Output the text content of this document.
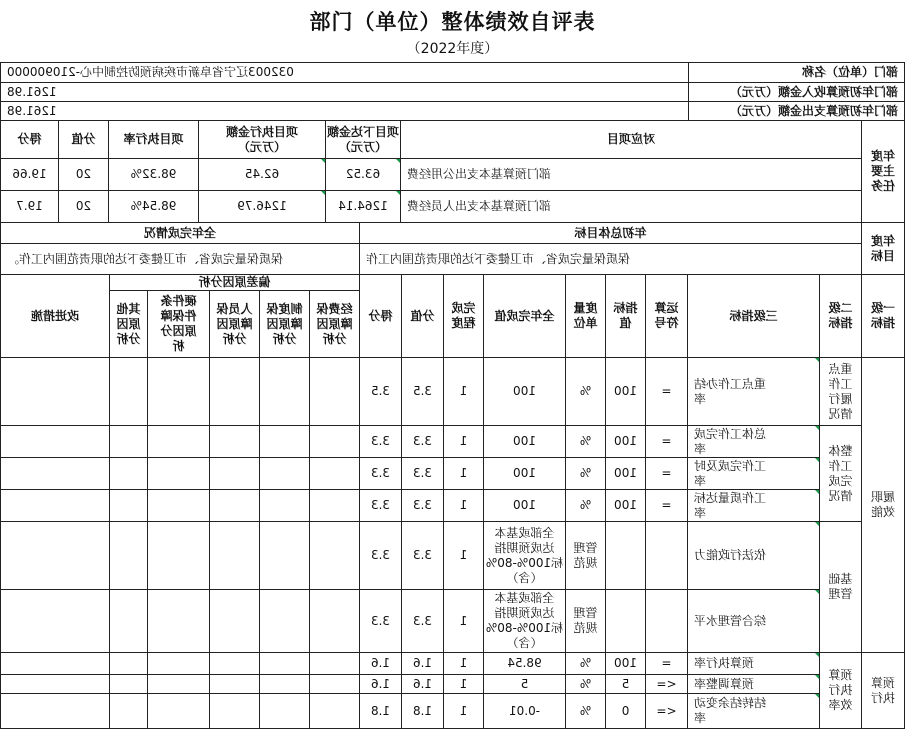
部门（单位）整体绩效自评表
（2022年度）
部门（单位）名称
032003辽宁省阜新市疾病预防控制中心-210900000
部门年初预算收入金额（万元）
1261.98
部门年初预算支出金额（万元）
1261.98
年度
主要
任务
对应项目
项目下达金额
（万元）
项目执行金额
（万元）
项目执行率
分值
得分
部门预算基本支出公用经费
63.52
62.45
98.32%
20
19.66
部门预算基本支出人员经费
1264.14
1246.79
98.54%
20
19.7
年度
目标
年初总体目标
全年完成情况
保质保量完成省、市卫健委下达的职责范围内工作
保质保量完成省、市卫健委下达的职责范围内工作。
一级
指标
二级
指标
三级指标
运算
符号
指标
值
度量
单位
全年完成值
完成
程度
分值
得分
偏差原因分析
经费保
障原因
分析
制度保
障原因
分析
人员保
障原因
分析
硬件条
件保障
原因分
析
其他
原因
分析
改进措施
履职
效能
预算
执行
重点
工作
履行
情况
整体
工作
完成
情况
基础
管理
预算
执行
效率
重点工作办结
率
=
100
%
100
1
3.5
3.5
总体工作完成
率
=
100
%
100
1
3.3
3.3
工作完成及时
率
=
100
%
100
1
3.3
3.3
工作质量达标
率
=
100
%
100
1
3.3
3.3
依法行政能力
管理
规范
全部或基本
达成预期指
标100%-80%
（含）
1
3.3
3.3
综合管理水平
管理
规范
全部或基本
达成预期指
标100%-80%
（含）
1
3.3
3.3
预算执行率
=
100
%
98.54
1
1.6
1.6
预算调整率
<=
5
%
5
1
1.6
1.6
结转结余变动
率
<=
0
%
-0.01
1
1.8
1.8
